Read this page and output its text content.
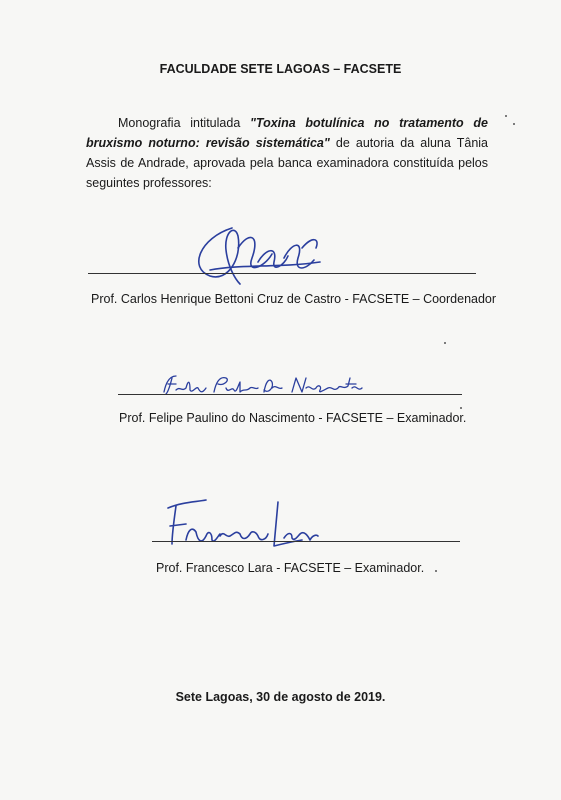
FACULDADE SETE LAGOAS – FACSETE

Monografia intitulada "Toxina botulínica no tratamento de bruxismo noturno: revisão sistemática" de autoria da aluna Tânia Assis de Andrade, aprovada pela banca examinadora constituída pelos seguintes professores:

Prof. Carlos Henrique Bettoni Cruz de Castro - FACSETE – Coordenador
Prof. Felipe Paulino do Nascimento - FACSETE – Examinador.
Prof. Francesco Lara - FACSETE – Examinador.
Sete Lagoas, 30 de agosto de 2019.
